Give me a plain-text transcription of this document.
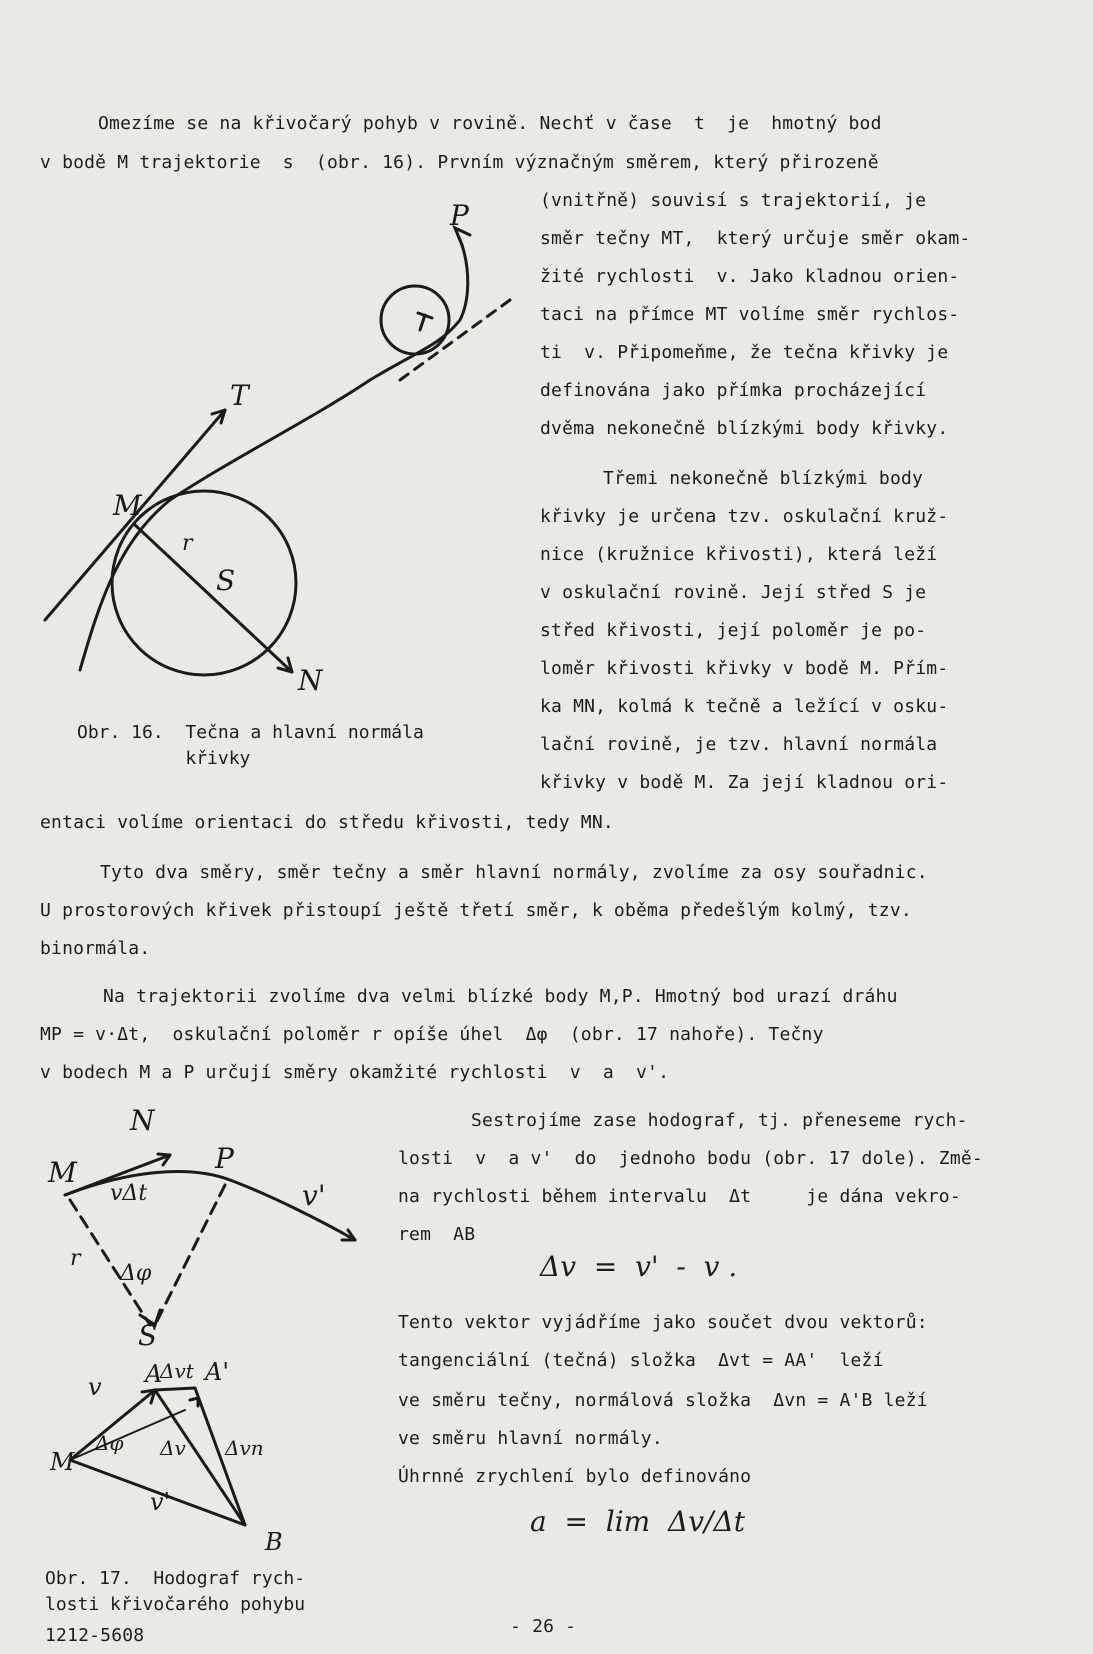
Omezíme se na křivočarý pohyb v rovině. Nechť v čase  t  je  hmotný bod
v bodě M trajektorie  s  (obr. 16). Prvním význačným směrem, který přirozeně
(vnitřně) souvisí s trajektorií, je
směr tečny MT,  který určuje směr okam-
žité rychlosti  v. Jako kladnou orien-
taci na přímce MT volíme směr rychlos-
ti  v. Připomeňme, že tečna křivky je
definována jako přímka procházející
dvěma nekonečně blízkými body křivky.
Třemi nekonečně blízkými body
křivky je určena tzv. oskulační kruž-
nice (kružnice křivosti), která leží
v oskulační rovině. Její střed S je
střed křivosti, její poloměr je po-
loměr křivosti křivky v bodě M. Přím-
ka MN, kolmá k tečně a ležící v osku-
lační rovině, je tzv. hlavní normála
křivky v bodě M. Za její kladnou ori-
entaci volíme orientaci do středu křivosti, tedy MN.
Tyto dva směry, směr tečny a směr hlavní normály, zvolíme za osy souřadnic.
U prostorových křivek přistoupí ještě třetí směr, k oběma předešlým kolmý, tzv.
binormála.
Na trajektorii zvolíme dva velmi blízké body M,P. Hmotný bod urazí dráhu
MP = v·Δt,  oskulační poloměr r opíše úhel  Δφ  (obr. 17 nahoře). Tečny
v bodech M a P určují směry okamžité rychlosti  v  a  v'.
Sestrojíme zase hodograf, tj. přeneseme rych-
losti  v  a v'  do  jednoho bodu (obr. 17 dole). Změ-
na rychlosti během intervalu  Δt     je dána vekro-
rem  AB
Tento vektor vyjádříme jako součet dvou vektorů:
tangenciální (tečná) složka  Δvt = AA'  leží
ve směru tečny, normálová složka  Δvn = A'B leží
ve směru hlavní normály.
Úhrnné zrychlení bylo definováno
P
T
M
r
S
N
Obr. 16.  Tečna a hlavní normála
křivky
N
M	P
vΔt	v'
r
Δφ
S
v A
Δvt A'
M
Δφ Δv Δvn
v'
B
Obr. 17.  Hodograf rych-
losti křivočarého pohybu
Δv  =  v'  -  v .
a  =  lim  Δv/Δt
- 26 -
1212-5608
